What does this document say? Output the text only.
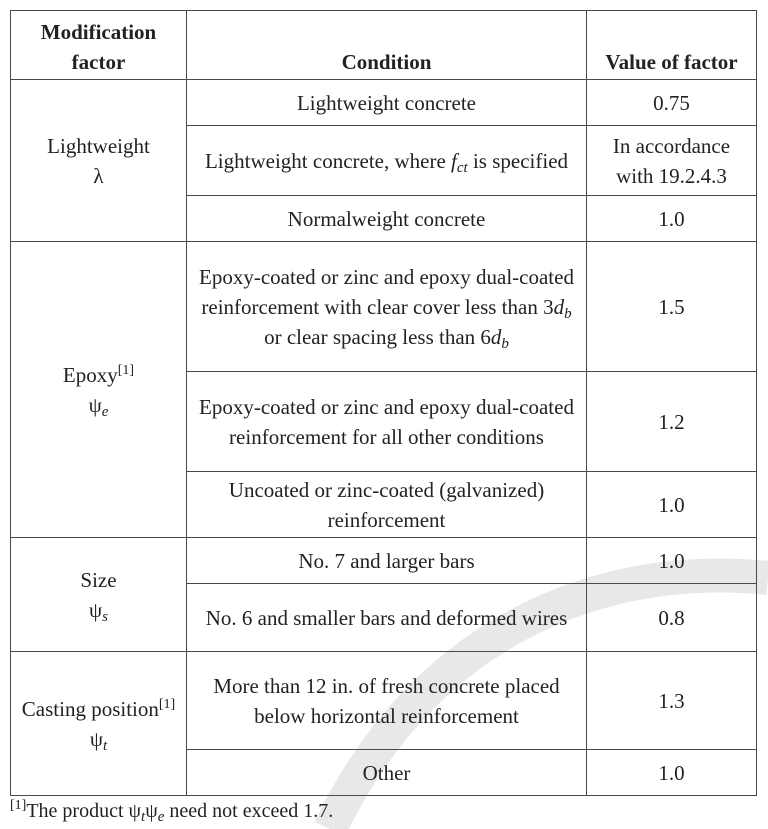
Modification factor	Condition	Value of factor

Lightweight
λ	Lightweight concrete	0.75
	Lightweight concrete, where $f_{ct}$ is specified	In accordance with 19.2.4.3
	Normalweight concrete	1.0

Epoxy[1]
$\psi_e$	Epoxy-coated or zinc and epoxy dual-coated reinforcement with clear cover less than $3d_b$ or clear spacing less than $6d_b$	1.5
	Epoxy-coated or zinc and epoxy dual-coated reinforcement for all other conditions	1.2
	Uncoated or zinc-coated (galvanized) reinforcement	1.0

Size
$\psi_s$	No. 7 and larger bars	1.0
	No. 6 and smaller bars and deformed wires	0.8

Casting position[1]
$\psi_t$	More than 12 in. of fresh concrete placed below horizontal reinforcement	1.3
	Other	1.0
[1]The product $\psi_t\psi_e$ need not exceed 1.7.
